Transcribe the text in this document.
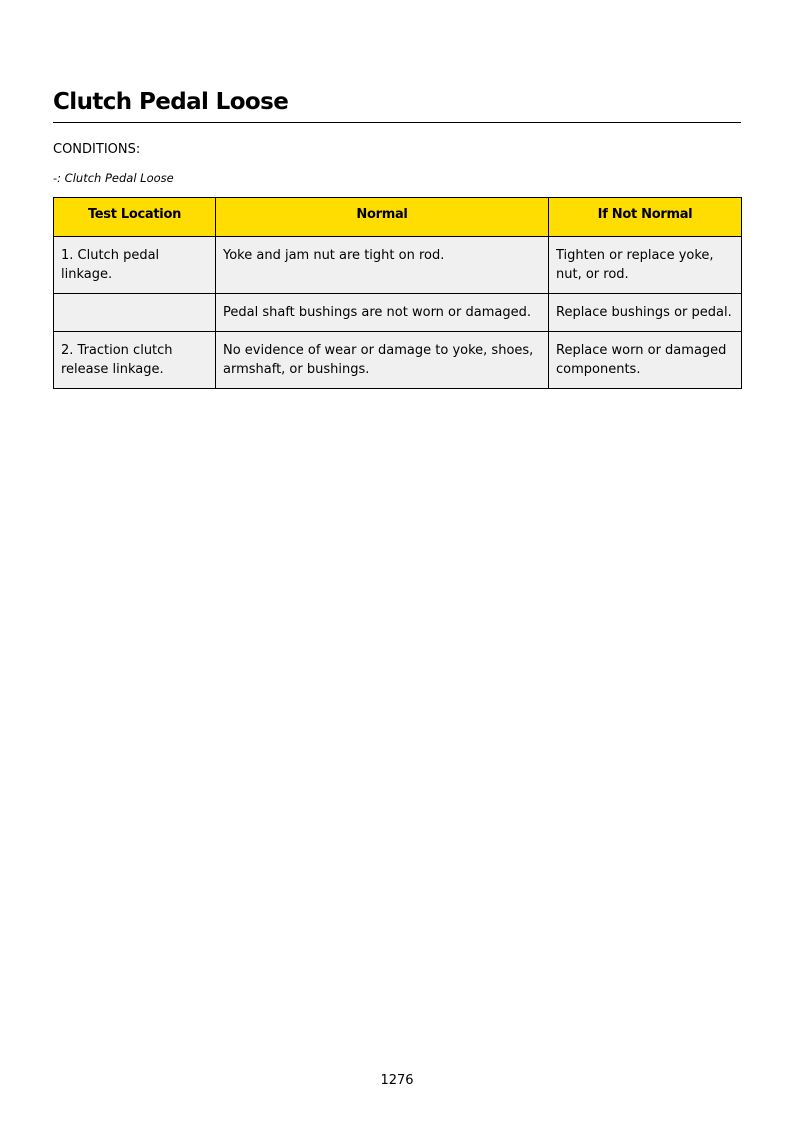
Clutch Pedal Loose
CONDITIONS:
-: Clutch Pedal Loose
Test Location	Normal	If Not Normal
1. Clutch pedal linkage.	Yoke and jam nut are tight on rod.	Tighten or replace yoke, nut, or rod.
	Pedal shaft bushings are not worn or damaged.	Replace bushings or pedal.
2. Traction clutch release linkage.	No evidence of wear or damage to yoke, shoes, armshaft, or bushings.	Replace worn or damaged components.
1276
